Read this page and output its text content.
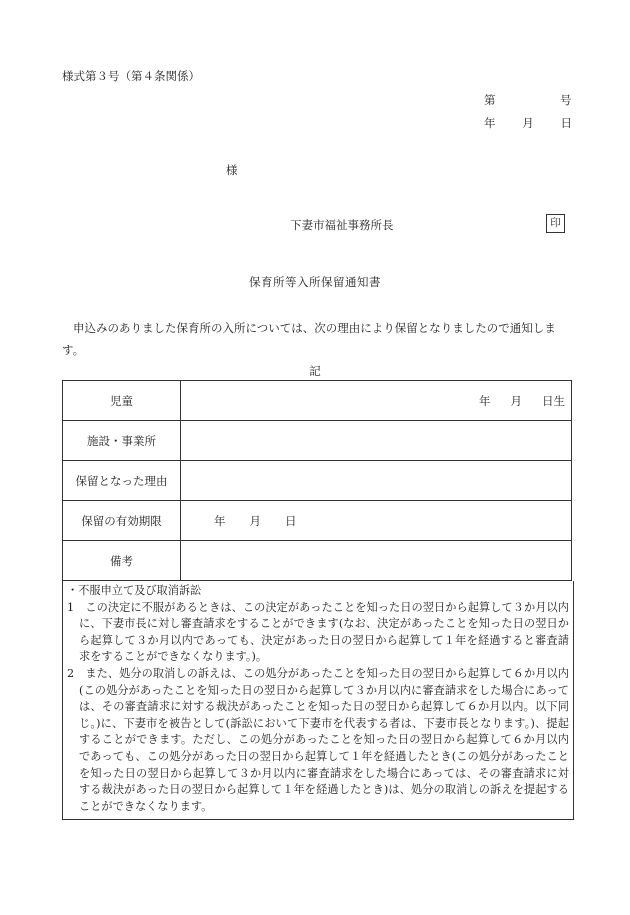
様式第３号（第４条関係）
第	号
年 月 日
様
下妻市福祉事務所長	印
保育所等入所保留通知書
申込みのありました保育所の入所については、次の理由により保留となりましたので通知します。
記
児童	年 月 日生

施設・事業所	
保留となった理由	
保留の有効期限	年 月 日

備考	
・不服申立て及び取消訴訟
1　この決定に不服があるときは、この決定があったことを知った日の翌日から起算して３か月以内に、下妻市長に対し審査請求をすることができます(なお、決定があったことを知った日の翌日から起算して３か月以内であっても、決定があった日の翌日から起算して１年を経過すると審査請求をすることができなくなります。)。
2　また、処分の取消しの訴えは、この処分があったことを知った日の翌日から起算して６か月以内(この処分があったことを知った日の翌日から起算して３か月以内に審査請求をした場合にあっては、その審査請求に対する裁決があったことを知った日の翌日から起算して６か月以内。以下同じ。)に、下妻市を被告として(訴訟において下妻市を代表する者は、下妻市長となります。)、提起することができます。ただし、この処分があったことを知った日の翌日から起算して６か月以内であっても、この処分があった日の翌日から起算して１年を経過したとき(この処分があったことを知った日の翌日から起算して３か月以内に審査請求をした場合にあっては、その審査請求に対する裁決があった日の翌日から起算して１年を経過したとき)は、処分の取消しの訴えを提起することができなくなります。
